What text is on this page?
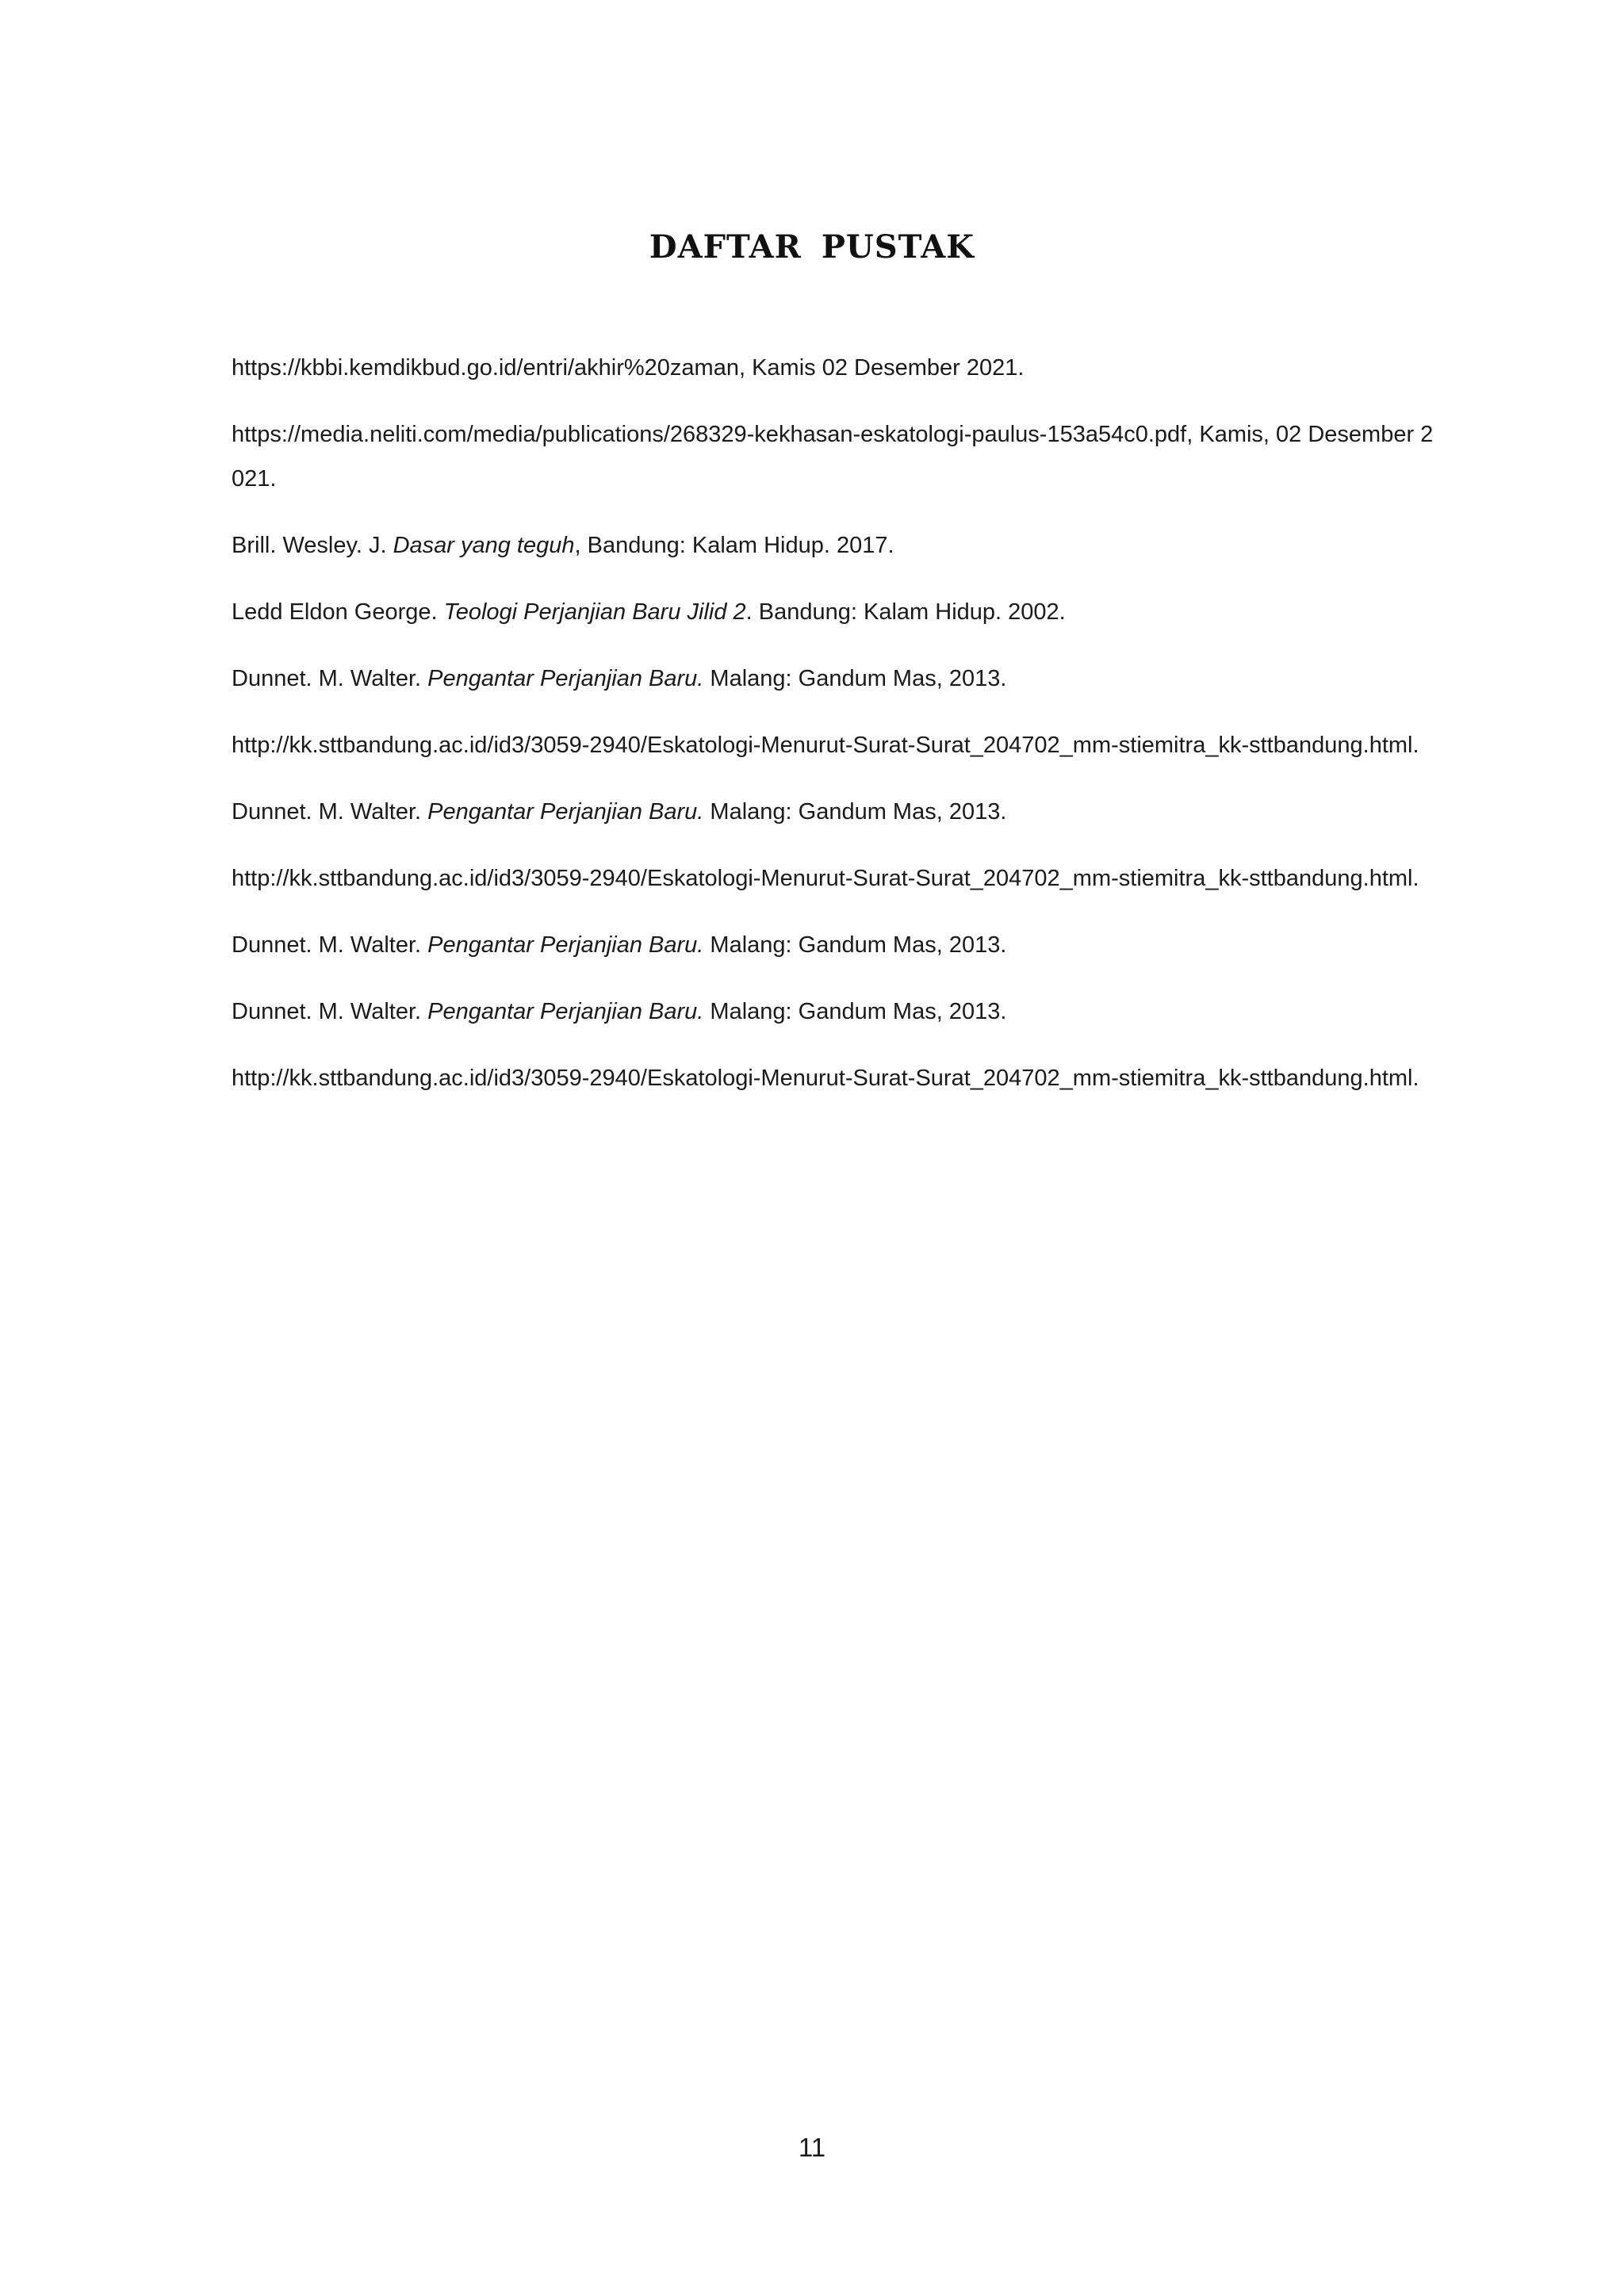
DAFTAR PUSTAK
https://kbbi.kemdikbud.go.id/entri/akhir%20zaman, Kamis 02 Desember 2021.
https://media.neliti.com/media/publications/268329-kekhasan-eskatologi-paulus-153a54c0.pdf, Kamis, 02 Desember 2021.
Brill. Wesley. J. Dasar yang teguh, Bandung: Kalam Hidup. 2017.
Ledd Eldon George. Teologi Perjanjian Baru Jilid 2. Bandung: Kalam Hidup. 2002.
Dunnet. M. Walter. Pengantar Perjanjian Baru. Malang: Gandum Mas, 2013.
http://kk.sttbandung.ac.id/id3/3059-2940/Eskatologi-Menurut-Surat-Surat_204702_mm-stiemitra_kk-sttbandung.html.
Dunnet. M. Walter. Pengantar Perjanjian Baru. Malang: Gandum Mas, 2013.
http://kk.sttbandung.ac.id/id3/3059-2940/Eskatologi-Menurut-Surat-Surat_204702_mm-stiemitra_kk-sttbandung.html.
Dunnet. M. Walter. Pengantar Perjanjian Baru. Malang: Gandum Mas, 2013.
Dunnet. M. Walter. Pengantar Perjanjian Baru. Malang: Gandum Mas, 2013.
http://kk.sttbandung.ac.id/id3/3059-2940/Eskatologi-Menurut-Surat-Surat_204702_mm-stiemitra_kk-sttbandung.html.
11
